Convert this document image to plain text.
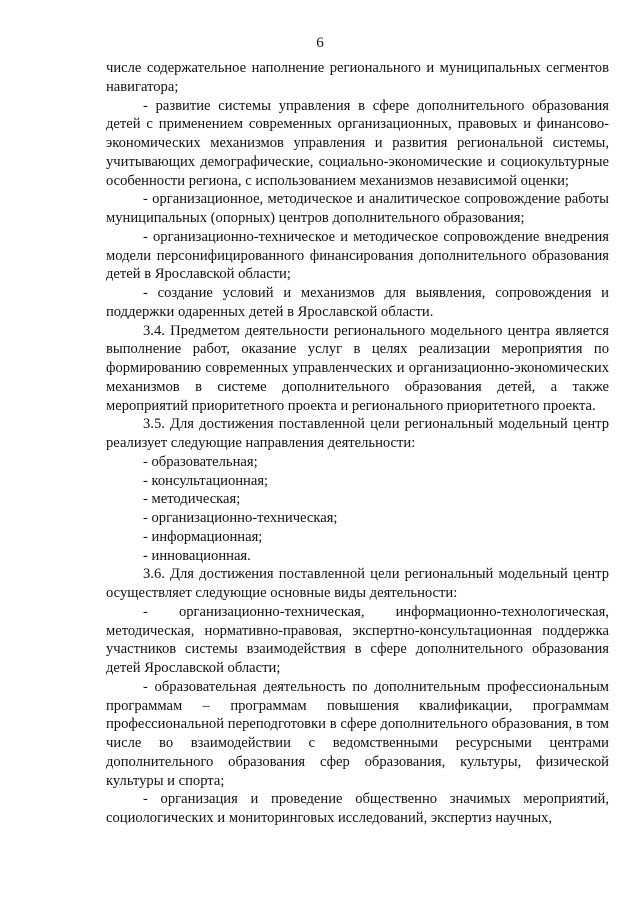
6

числе содержательное наполнение регионального и муниципальных сегментов навигатора;

- развитие системы управления в сфере дополнительного образования детей с применением современных организационных, правовых и финансово-экономических механизмов управления и развития региональной системы, учитывающих демографические, социально-экономические и социокультурные особенности региона, с использованием механизмов независимой оценки;

- организационное, методическое и аналитическое сопровождение работы муниципальных (опорных) центров дополнительного образования;

- организационно-техническое и методическое сопровождение внедрения модели персонифицированного финансирования дополнительного образования детей в Ярославской области;

- создание условий и механизмов для выявления, сопровождения и поддержки одаренных детей в Ярославской области.

3.4. Предметом деятельности регионального модельного центра является выполнение работ, оказание услуг в целях реализации мероприятия по формированию современных управленческих и организационно-экономических механизмов в системе дополнительного образования детей, а также мероприятий приоритетного проекта и регионального приоритетного проекта.

3.5. Для достижения поставленной цели региональный модельный центр реализует следующие направления деятельности:

- образовательная;

- консультационная;

- методическая;

- организационно-техническая;

- информационная;

- инновационная.

3.6. Для достижения поставленной цели региональный модельный центр осуществляет следующие основные виды деятельности:

- организационно-техническая, информационно-технологическая, методическая, нормативно-правовая, экспертно-консультационная поддержка участников системы взаимодействия в сфере дополнительного образования детей Ярославской области;

- образовательная деятельность по дополнительным профессиональным программам – программам повышения квалификации, программам профессиональной переподготовки в сфере дополнительного образования, в том числе во взаимодействии с ведомственными ресурсными центрами дополнительного образования сфер образования, культуры, физической культуры и спорта;

- организация и проведение общественно значимых мероприятий, социологических и мониторинговых исследований, экспертиз научных,
